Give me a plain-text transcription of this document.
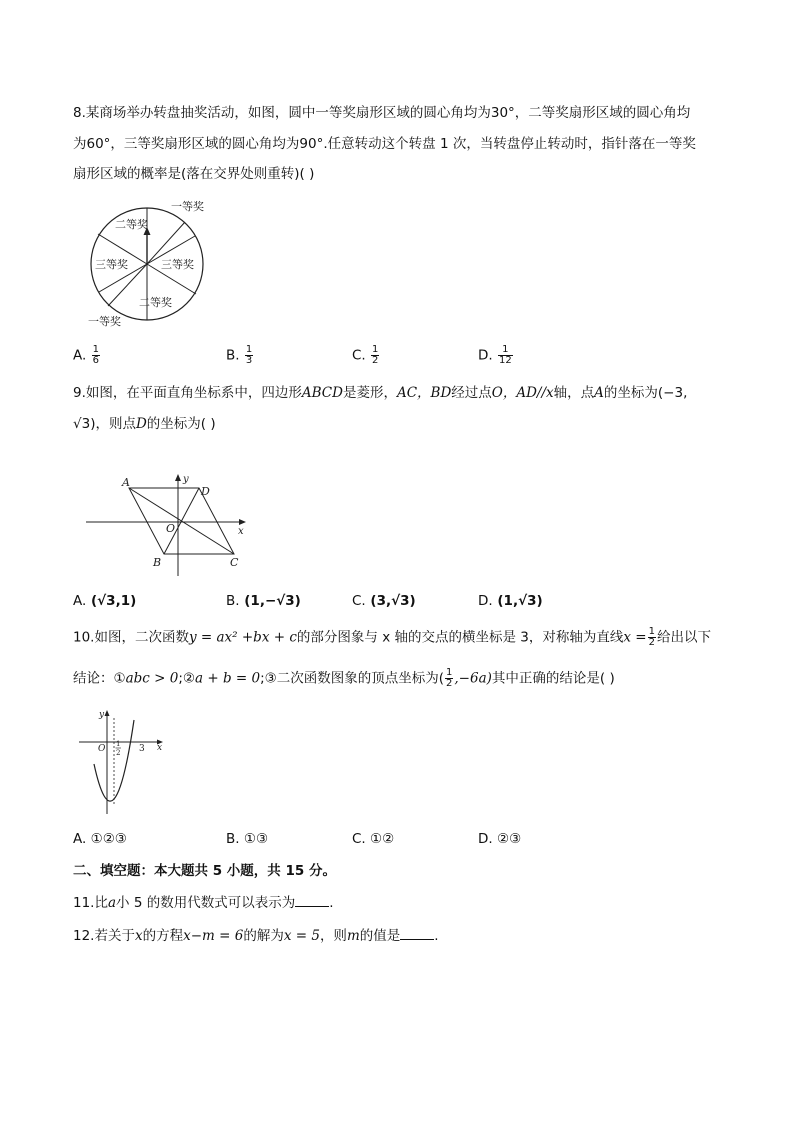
8.某商场举办转盘抽奖活动，如图，圆中一等奖扇形区域的圆心角均为30°，二等奖扇形区域的圆心角均
为60°，三等奖扇形区域的圆心角均为90°.任意转动这个转盘 1 次，当转盘停止转动时，指针落在一等奖
扇形区域的概率是(落在交界处则重转)( )
一等奖
二等奖
三等奖	三等奖
二等奖
一等奖
A. $\frac{1}{6}$	B. $\frac{1}{3}$	C. $\frac{1}{2}$	D. $\frac{1}{12}$
9.如图，在平面直角坐标系中，四边形ABCD是菱形，AC，BD经过点O，AD//x轴，点A的坐标为(−3,
√3)，则点D的坐标为( )
A
D
B	C
O	x
y
A. (√3,1)	B. (1,−√3)	C. (3,√3)	D. (1,√3)
10.如图，二次函数y = ax² +bx + c的部分图象与 x 轴的交点的横坐标是 3，对称轴为直线$x = \frac{1}{2}$ 给出以下
结论：①abc > 0;②a + b = 0;③二次函数图象的顶点坐标为( $\frac{1}{2} ,-6a$)其中正确的结论是( )
O	x
y
3
1
2
A. ①②③	B. ①③	C. ①②	D. ②③
二、填空题：本大题共 5 小题，共 15 分。
11.比a小 5 的数用代数式可以表示为	.
12.若关于x的方程x−m = 6的解为x = 5，则m的值是	.
